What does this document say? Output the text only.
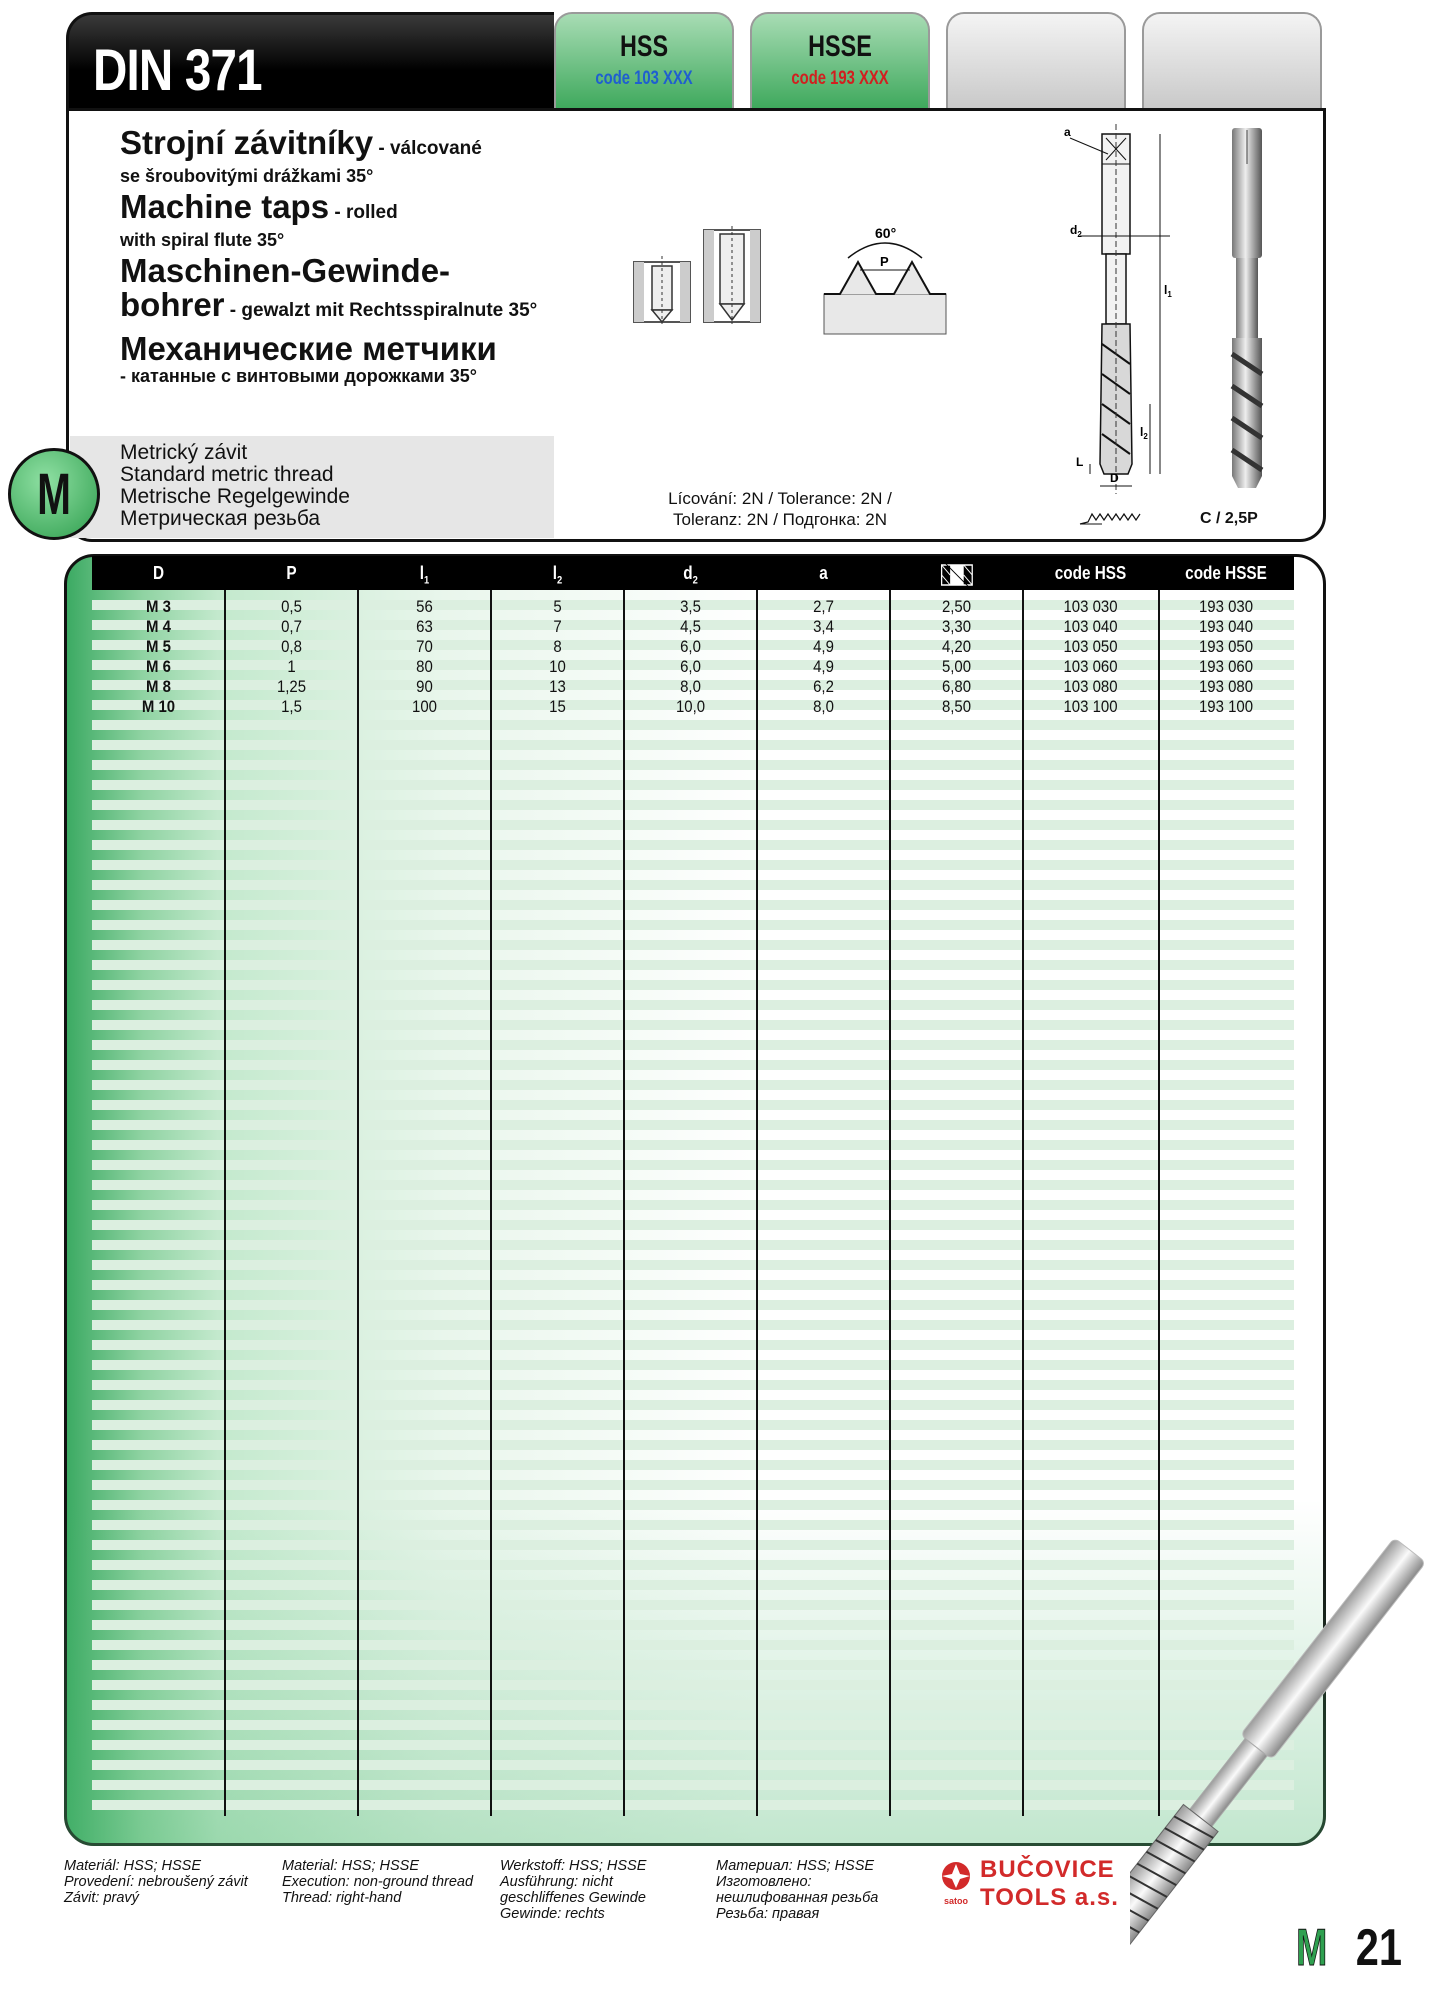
DIN 371	HSS
code 103 XXX
HSSE
code 193 XXX
Strojní závitníky - válcované
se šroubovitými drážkami 35°
Machine taps - rolled
with spiral flute 35°
Maschinen-Gewinde-
bohrer - gewalzt mit Rechtsspiralnute 35°
Механические метчики
- катанные с винтовыми дорожками 35°
Metrický závit
Standard metric thread
Metrische Regelgewinde
Метрическая резьба
M
60°
P
a
$d_2$
$l_1$
$l_2$
L
D
Lícování: 2N / Tolerance: 2N /
Toleranz: 2N / Подгонка: 2N	C / 2,5P
D	P	$l_1$	$l_2$	$d_2$	a	code HSS	code HSSE
M 3	0,5	56	5	3,5	2,7	2,50	103 030	193 030
M 4	0,7	63	7	4,5	3,4	3,30	103 040	193 040
M 5	0,8	70	8	6,0	4,9	4,20	103 050	193 050
M 6	1	80	10	6,0	4,9	5,00	103 060	193 060
M 8	1,25	90	13	8,0	6,2	6,80	103 080	193 080
M 10	1,5	100	15	10,0	8,0	8,50	103 100	193 100
Materiál: HSS; HSSE
Provedení: nebroušený závit
Závit: pravý
Material: HSS; HSSE
Execution: non-ground thread
Thread: right-hand
Werkstoff: HSS; HSSE
Ausführung: nicht
geschliffenes Gewinde
Gewinde: rechts
Материал: HSS; HSSE
Изготовлено:
нешлифованная резьба
Резьба: правая
satoo
BUČOVICE
TOOLS a.s.
M 21
